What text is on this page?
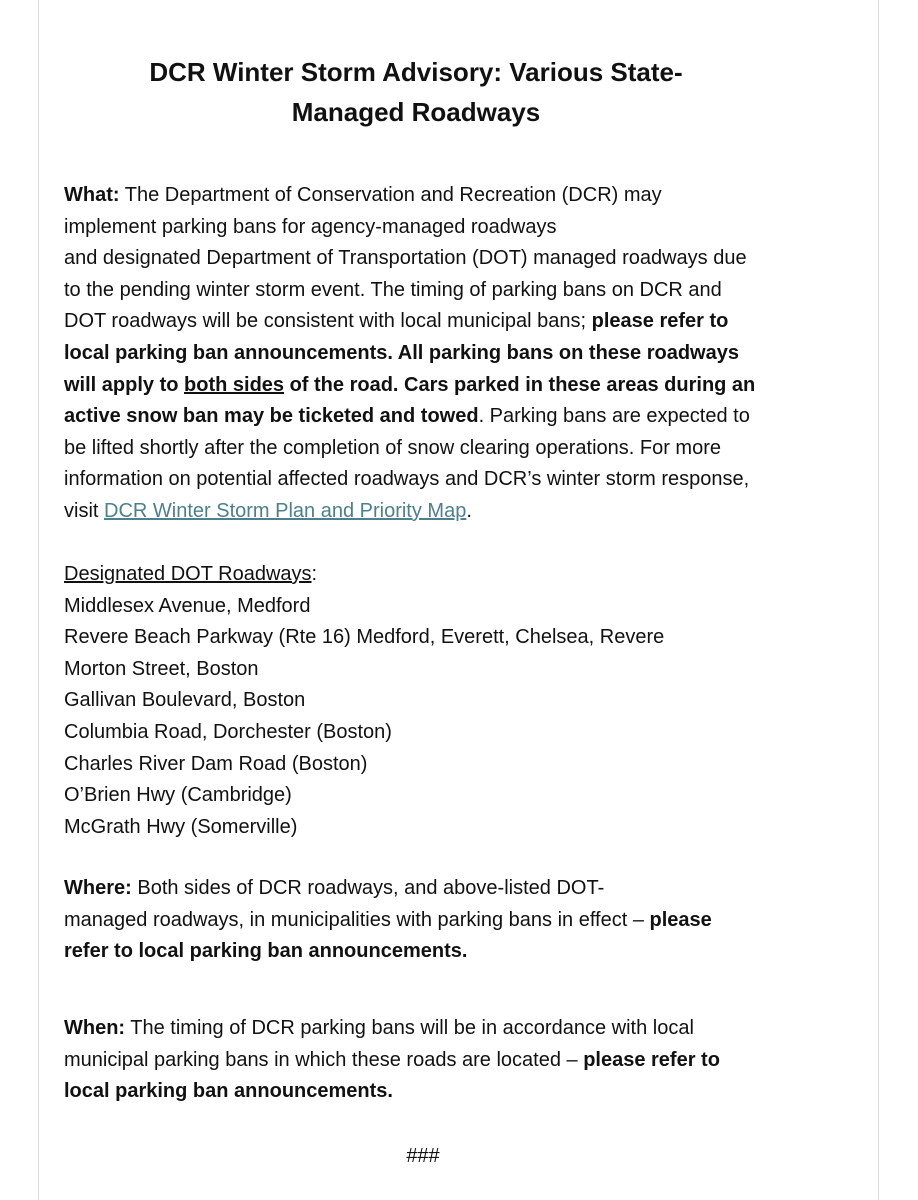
DCR Winter Storm Advisory: Various State-
Managed Roadways
What: The Department of Conservation and Recreation (DCR) may
implement parking bans for agency-managed roadways
and designated Department of Transportation (DOT) managed roadways due
to the pending winter storm event. The timing of parking bans on DCR and
DOT roadways will be consistent with local municipal bans; please refer to
local parking ban announcements. All parking bans on these roadways
will apply to both sides of the road. Cars parked in these areas during an
active snow ban may be ticketed and towed. Parking bans are expected to
be lifted shortly after the completion of snow clearing operations. For more
information on potential affected roadways and DCR’s winter storm response,
visit DCR Winter Storm Plan and Priority Map.
Designated DOT Roadways:
Middlesex Avenue, Medford
Revere Beach Parkway (Rte 16) Medford, Everett, Chelsea, Revere
Morton Street, Boston
Gallivan Boulevard, Boston
Columbia Road, Dorchester (Boston)
Charles River Dam Road (Boston)
O’Brien Hwy (Cambridge)
McGrath Hwy (Somerville)
Where: Both sides of DCR roadways, and above-listed DOT-
managed roadways, in municipalities with parking bans in effect – please
refer to local parking ban announcements.
When: The timing of DCR parking bans will be in accordance with local
municipal parking bans in which these roads are located – please refer to
local parking ban announcements.
###
